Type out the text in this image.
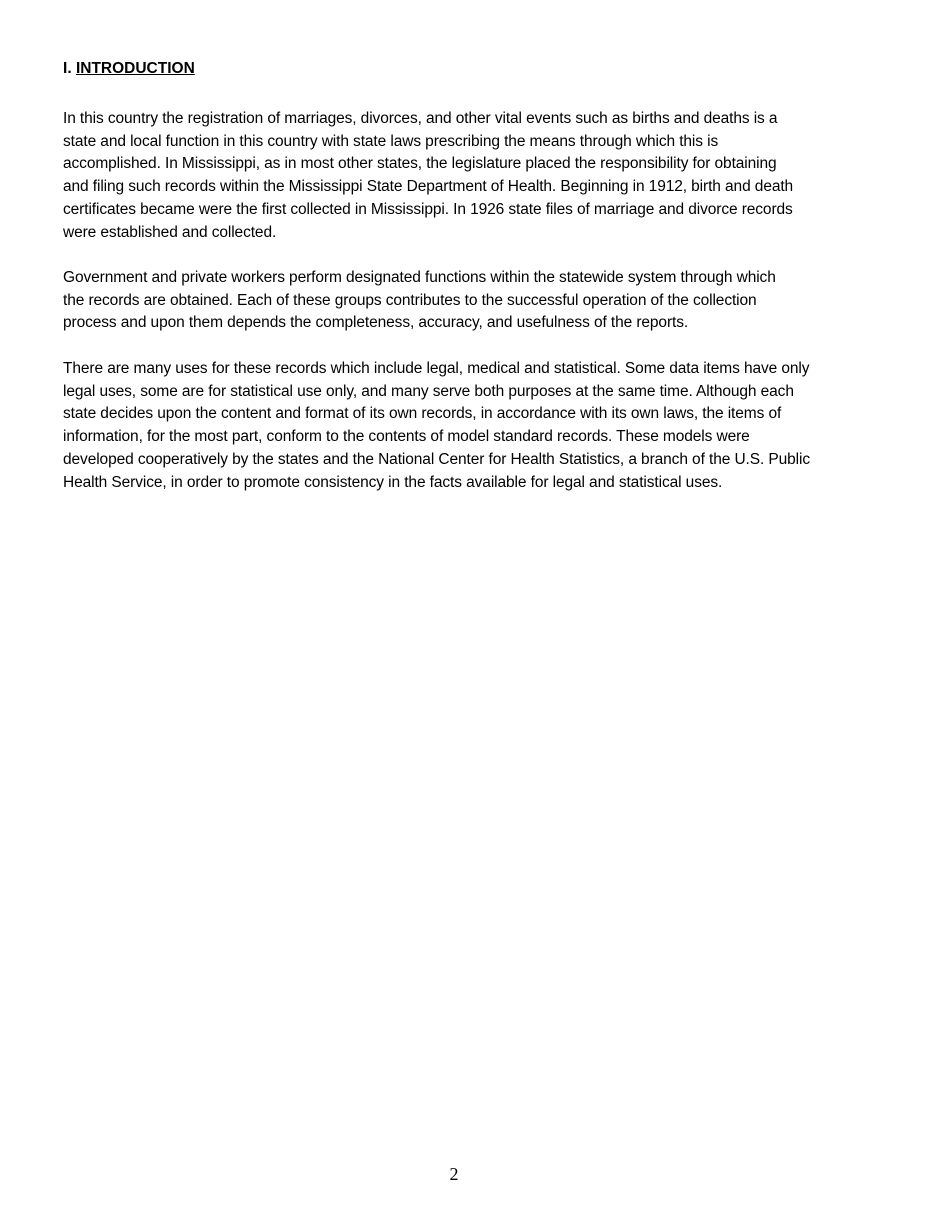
I. INTRODUCTION

In this country the registration of marriages, divorces, and other vital events such as births and deaths is a
state and local function in this country with state laws prescribing the means through which this is
accomplished. In Mississippi, as in most other states, the legislature placed the responsibility for obtaining
and filing such records within the Mississippi State Department of Health. Beginning in 1912, birth and death
certificates became were the first collected in Mississippi. In 1926 state files of marriage and divorce records
were established and collected.

Government and private workers perform designated functions within the statewide system through which
the records are obtained. Each of these groups contributes to the successful operation of the collection
process and upon them depends the completeness, accuracy, and usefulness of the reports.

There are many uses for these records which include legal, medical and statistical. Some data items have only
legal uses, some are for statistical use only, and many serve both purposes at the same time. Although each
state decides upon the content and format of its own records, in accordance with its own laws, the items of
information, for the most part, conform to the contents of model standard records. These models were
developed cooperatively by the states and the National Center for Health Statistics, a branch of the U.S. Public
Health Service, in order to promote consistency in the facts available for legal and statistical uses.

2
